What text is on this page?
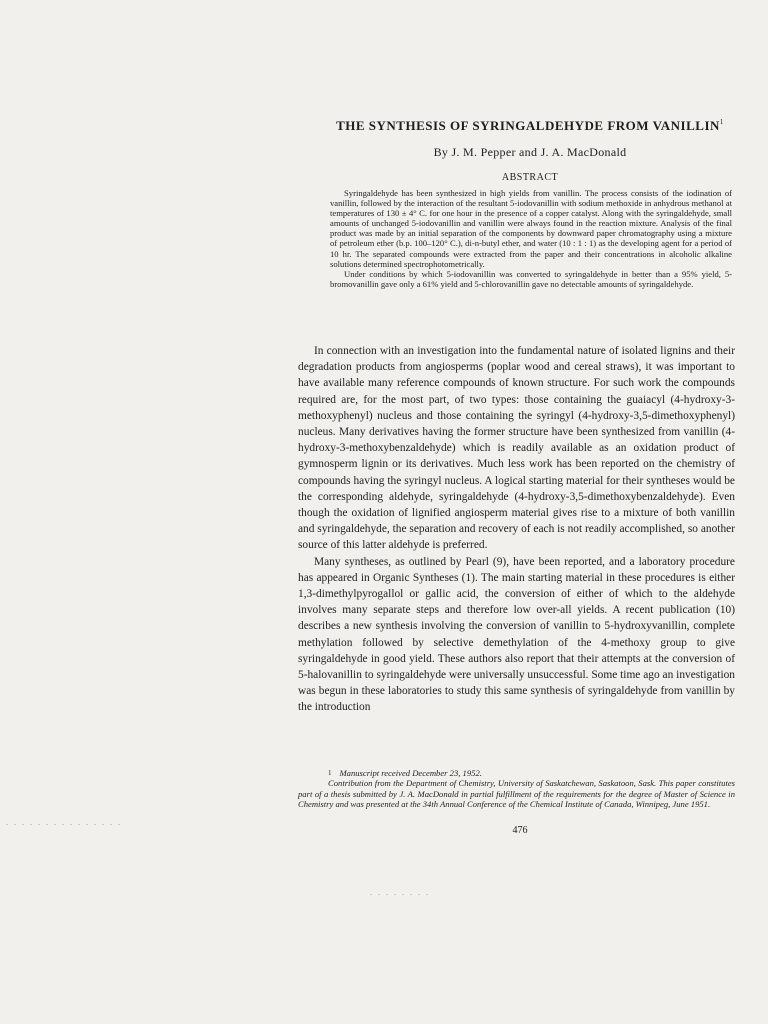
THE SYNTHESIS OF SYRINGALDEHYDE FROM VANILLIN$^1$
By J. M. Pepper and J. A. MacDonald
ABSTRACT

Syringaldehyde has been synthesized in high yields from vanillin. The process consists of the iodination of vanillin, followed by the interaction of the resultant 5-iodovanillin with sodium methoxide in anhydrous methanol at temperatures of 130 ± 4° C. for one hour in the presence of a copper catalyst. Along with the syringaldehyde, small amounts of unchanged 5-iodovanillin and vanillin were always found in the reaction mixture. Analysis of the final product was made by an initial separation of the components by downward paper chromatography using a mixture of petroleum ether (b.p. 100–120° C.), di-n-butyl ether, and water (10 : 1 : 1) as the developing agent for a period of 10 hr. The separated compounds were extracted from the paper and their concentrations in alcoholic alkaline solutions determined spectrophotometrically.

Under conditions by which 5-iodovanillin was converted to syringaldehyde in better than a 95% yield, 5-bromovanillin gave only a 61% yield and 5-chlorovanillin gave no detectable amounts of syringaldehyde.

In connection with an investigation into the fundamental nature of isolated lignins and their degradation products from angiosperms (poplar wood and cereal straws), it was important to have available many reference compounds of known structure. For such work the compounds required are, for the most part, of two types: those containing the guaiacyl (4-hydroxy-3-methoxyphenyl) nucleus and those containing the syringyl (4-hydroxy-3,5-dimethoxyphenyl) nucleus. Many derivatives having the former structure have been synthesized from vanillin (4-hydroxy-3-methoxybenzaldehyde) which is readily available as an oxidation product of gymnosperm lignin or its derivatives. Much less work has been reported on the chemistry of compounds having the syringyl nucleus. A logical starting material for their syntheses would be the corresponding aldehyde, syringaldehyde (4-hydroxy-3,5-dimethoxybenzaldehyde). Even though the oxidation of lignified angiosperm material gives rise to a mixture of both vanillin and syringaldehyde, the separation and recovery of each is not readily accomplished, so another source of this latter aldehyde is preferred.

Many syntheses, as outlined by Pearl (9), have been reported, and a laboratory procedure has appeared in Organic Syntheses (1). The main starting material in these procedures is either 1,3-dimethylpyrogallol or gallic acid, the conversion of either of which to the aldehyde involves many separate steps and therefore low over-all yields. A recent publication (10) describes a new synthesis involving the conversion of vanillin to 5-hydroxyvanillin, complete methylation followed by selective demethylation of the 4-methoxy group to give syringaldehyde in good yield. These authors also report that their attempts at the conversion of 5-halovanillin to syringaldehyde were universally unsuccessful. Some time ago an investigation was begun in these laboratories to study this same synthesis of syringaldehyde from vanillin by the introduction

$^1$ Manuscript received December 23, 1952.

Contribution from the Department of Chemistry, University of Saskatchewan, Saskatoon, Sask. This paper constitutes part of a thesis submitted by J. A. MacDonald in partial fulfillment of the requirements for the degree of Master of Science in Chemistry and was presented at the 34th Annual Conference of the Chemical Institute of Canada, Winnipeg, June 1951.

476
. . . . . . . . . . . . . . .
. . . . . . . .
